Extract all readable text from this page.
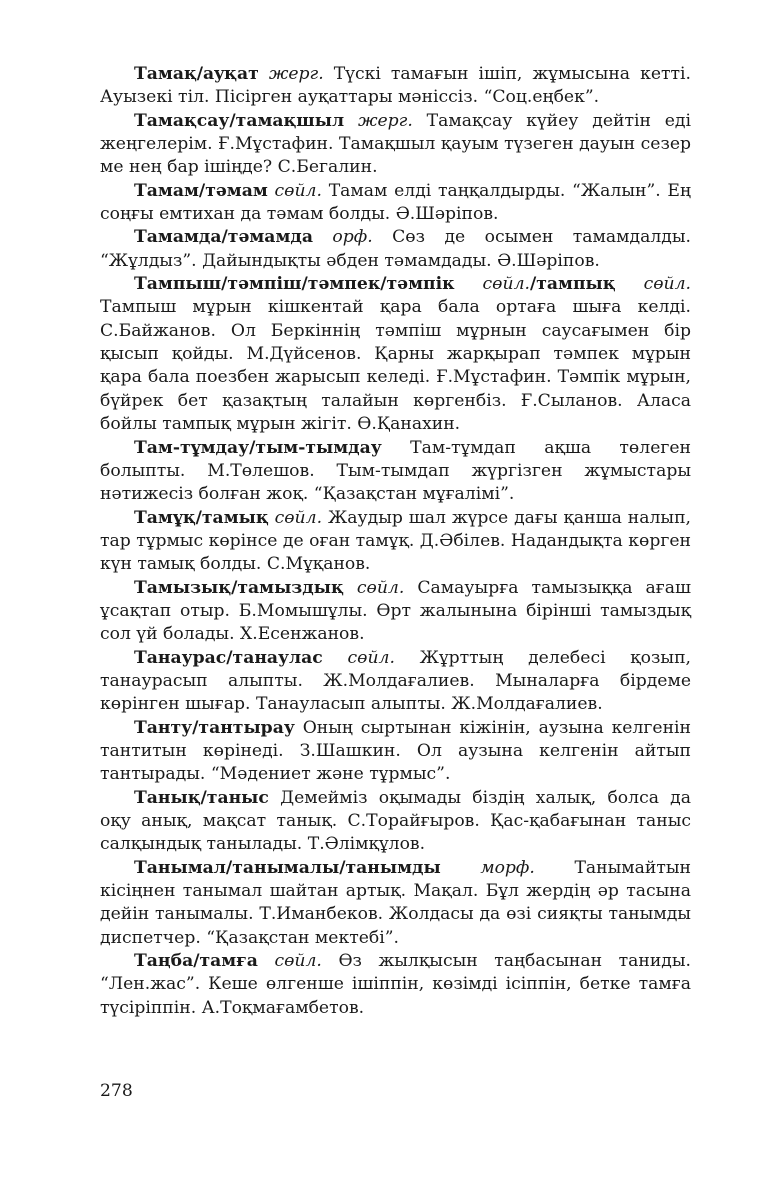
Тамақ/аyқат жерг. Түскі тамағын iшiп, жұмысына кетті. Ауызекi тiл. Пiсiрген ауқаттары мәнiссiз. “Соц.еңбек”.

Тамақсау/тамақшыл жерг. Тамақсау күйеу дейтiн едi жеңгелерiм. Ғ.Мұстафин. Тамақшыл қауым түзеген дауын сезер ме нең бар iшiңде? С.Бегалин.

Тамам/тәмам сөйл. Тамам елдi таңқалдырды. “Жалын”. Ең соңғы емтихан да тәмам болды. Ә.Шәрiпов.

Тамамда/тәмамда орф. Сөз де осымен тамамдалды. “Жұлдыз”. Дайындықты әбден тәмамдады. Ә.Шәрiпов.

Тампыш/тәмпiш/тәмпек/тәмпiк сөйл./тампық сөйл. Тампыш мұрын кiшкентай қара бала ортаға шыға келдi. С.Байжанов. Ол Беркiннiң тәмпiш мұрнын саусағымен бiр қысып қойды. М.Дүйсенов. Қарны жарқырап тәмпек мұрын қара бала поезбен жарысып келедi. Ғ.Мұстафин. Тәмпiк мұрын, бүйрек бет қазақтың талайын көргенбiз. Ғ.Сыланов. Аласа бойлы тампық мұрын жiгiт. Ө.Қанахин.

Там-тұмдау/тым-тымдау Там-тұмдап ақша төлеген болыпты. М.Төлешов. Тым-тымдап жүргiзген жұмыстары нәтижесiз болған жоқ. “Қазақстан мұғалiмi”.

Тамұқ/тамық сөйл. Жаудыр шал жүрсе дағы қанша налып, тар тұрмыс көрiнсе де оған тамұқ. Д.Әбiлев. Надандықта көрген күн тамық болды. С.Мұқанов.

Тамызық/тамыздық сөйл. Самауырға тамызыққа ағаш ұсақтап отыр. Б.Момышұлы. Өрт жалынына бiрiншi тамыздық сол үй болады. Х.Есенжанов.

Танаурас/танаулас сөйл. Жұрттың делебесi қозып, танаурасып алыпты. Ж.Молдағалиев. Мыналарға бiрдеме көрiнген шығар. Танауласып алыпты. Ж.Молдағалиев.

Танту/тантырау Оның сыртынан кiжiнiн, аузына келгенiн тантитын көрiнедi. З.Шашкин. Ол аузына келгенiн айтып тантырады. “Мәдениет және тұрмыс”.

Танық/таныс Демеймiз оқымады бiздiң халық, болса да оқу анық, мақсат танық. С.Торайғыров. Қас-қабағынан таныс салқындық танылады. Т.Әлiмқұлов.

Танымал/танымалы/танымды морф. Танымайтын кiсiңнен танымал шайтан артық. Мақал. Бұл жердiң әр тасына дейiн танымалы. Т.Иманбеков. Жолдасы да өзi сияқты танымды диспетчер. “Қазақстан мектебi”.

Таңба/тамға сөйл. Өз жылқысын таңбасынан таниды. “Лен.жас”. Кеше өлгенше iшiппiн, көзiмдi iсiппiн, бетке тамға түсiрiппiн. А.Тоқмағамбетов.

278
